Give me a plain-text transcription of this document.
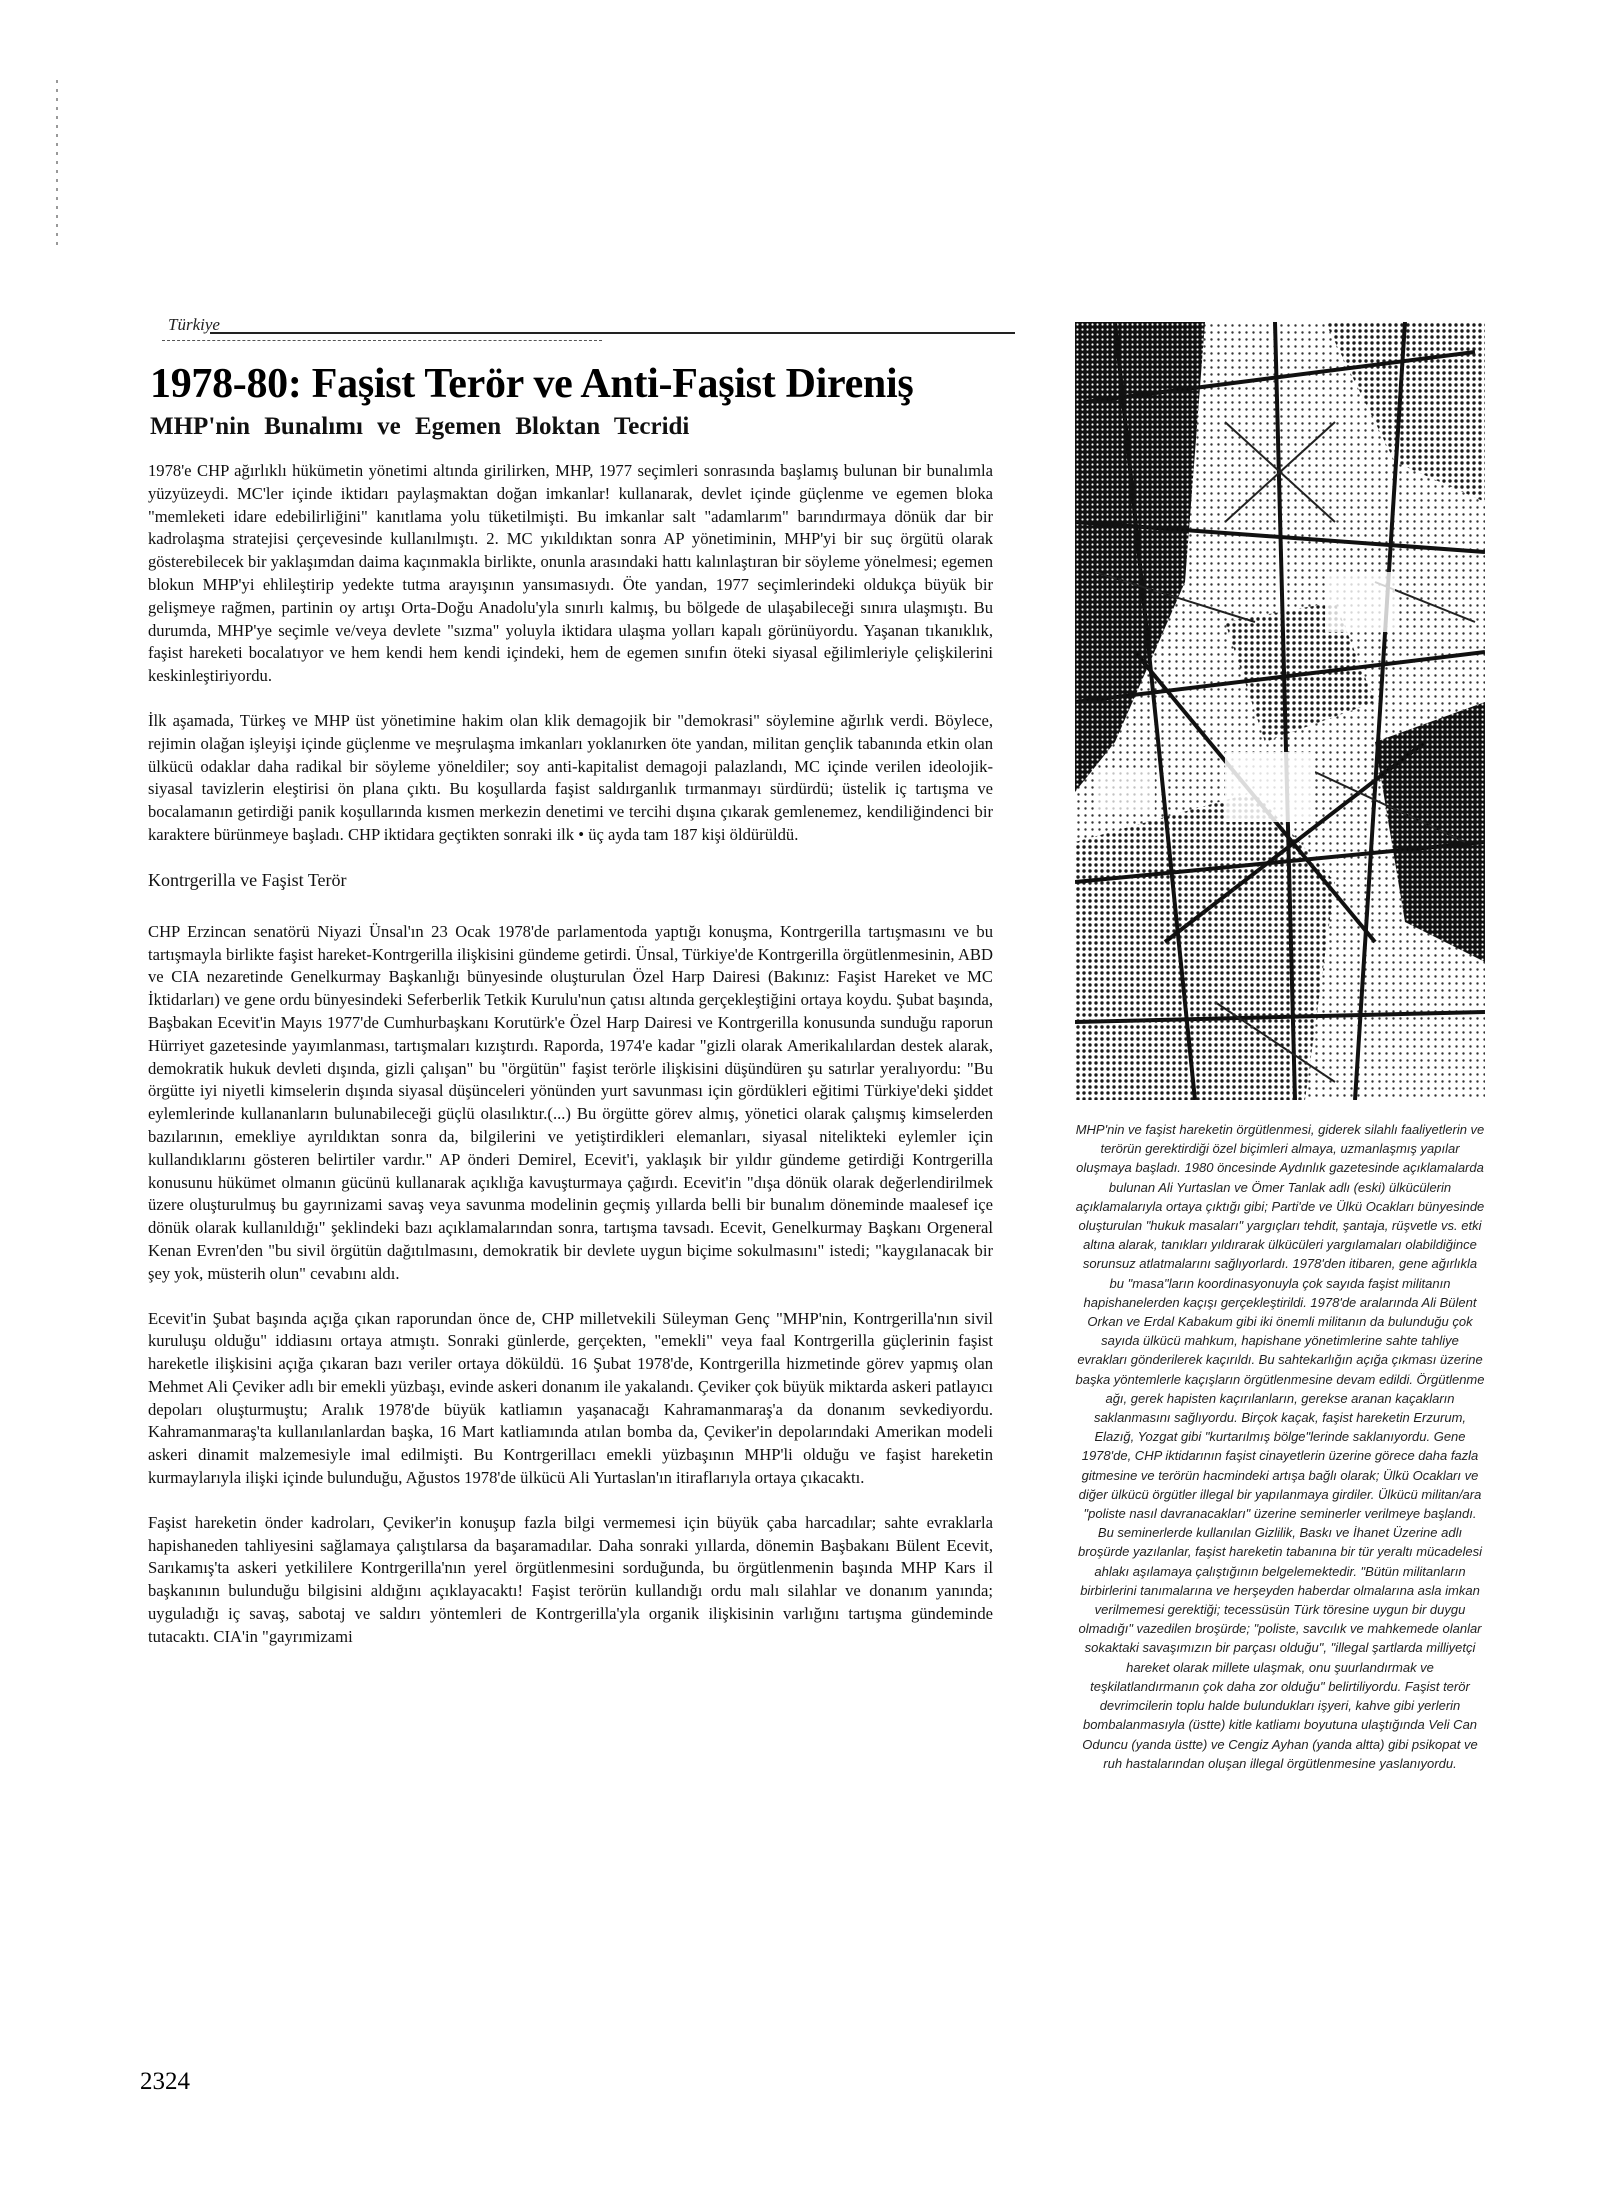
Türkiye
1978-80: Faşist Terör ve Anti-Faşist Direniş
MHP'nin Bunalımı ve Egemen Bloktan Tecridi

1978'e CHP ağırlıklı hükümetin yönetimi altında girilirken, MHP, 1977 seçimleri sonrasında başlamış bulunan bir bunalımla yüzyüzeydi. MC'ler içinde iktidarı paylaşmaktan doğan imkanlar! kullanarak, devlet içinde güçlenme ve egemen bloka "memleketi idare edebilirliğini" kanıtlama yolu tüketilmişti. Bu imkanlar salt "adamlarım" barındırmaya dönük dar bir kadrolaşma stratejisi çerçevesinde kullanılmıştı. 2. MC yıkıldıktan sonra AP yönetiminin, MHP'yi bir suç örgütü olarak gösterebilecek bir yaklaşımdan daima kaçınmakla birlikte, onunla arasındaki hattı kalınlaştıran bir söyleme yönelmesi; egemen blokun MHP'yi ehlileştirip yedekte tutma arayışının yansımasıydı. Öte yandan, 1977 seçimlerindeki oldukça büyük bir gelişmeye rağmen, partinin oy artışı Orta-Doğu Anadolu'yla sınırlı kalmış, bu bölgede de ulaşabileceği sınıra ulaşmıştı. Bu durumda, MHP'ye seçimle ve/veya devlete "sızma" yoluyla iktidara ulaşma yolları kapalı görünüyordu. Yaşanan tıkanıklık, faşist hareketi bocalatıyor ve hem kendi hem kendi içindeki, hem de egemen sınıfın öteki siyasal eğilimleriyle çelişkilerini keskinleştiriyordu.

İlk aşamada, Türkeş ve MHP üst yönetimine hakim olan klik demagojik bir "demokrasi" söylemine ağırlık verdi. Böylece, rejimin olağan işleyişi içinde güçlenme ve meşrulaşma imkanları yoklanırken öte yandan, militan gençlik tabanında etkin olan ülkücü odaklar daha radikal bir söyleme yöneldiler; soy anti-kapitalist demagoji palazlandı, MC içinde verilen ideolojik-siyasal tavizlerin eleştirisi ön plana çıktı. Bu koşullarda faşist saldırganlık tırmanmayı sürdürdü; üstelik iç tartışma ve bocalamanın getirdiği panik koşullarında kısmen merkezin denetimi ve tercihi dışına çıkarak gemlenemez, kendiliğindenci bir karaktere bürünmeye başladı. CHP iktidara geçtikten sonraki ilk • üç ayda tam 187 kişi öldürüldü.

Kontrgerilla ve Faşist Terör

CHP Erzincan senatörü Niyazi Ünsal'ın 23 Ocak 1978'de parlamentoda yaptığı konuşma, Kontrgerilla tartışmasını ve bu tartışmayla birlikte faşist hareket-Kontrgerilla ilişkisini gündeme getirdi. Ünsal, Türkiye'de Kontrgerilla örgütlenmesinin, ABD ve CIA nezaretinde Genelkurmay Başkanlığı bünyesinde oluşturulan Özel Harp Dairesi (Bakınız: Faşist Hareket ve MC İktidarları) ve gene ordu bünyesindeki Seferberlik Tetkik Kurulu'nun çatısı altında gerçekleştiğini ortaya koydu. Şubat başında, Başbakan Ecevit'in Mayıs 1977'de Cumhurbaşkanı Korutürk'e Özel Harp Dairesi ve Kontrgerilla konusunda sunduğu raporun Hürriyet gazetesinde yayımlanması, tartışmaları kızıştırdı. Raporda, 1974'e kadar "gizli olarak Amerikalılardan destek alarak, demokratik hukuk devleti dışında, gizli çalışan" bu "örgütün" faşist terörle ilişkisini düşündüren şu satırlar yeralıyordu: "Bu örgütte iyi niyetli kimselerin dışında siyasal düşünceleri yönünden yurt savunması için gördükleri eğitimi Türkiye'deki şiddet eylemlerinde kullananların bulunabileceği güçlü olasılıktır.(...) Bu örgütte görev almış, yönetici olarak çalışmış kimselerden bazılarının, emekliye ayrıldıktan sonra da, bilgilerini ve yetiştirdikleri elemanları, siyasal nitelikteki eylemler için kullandıklarını gösteren belirtiler vardır." AP önderi Demirel, Ecevit'i, yaklaşık bir yıldır gündeme getirdiği Kontrgerilla konusunu hükümet olmanın gücünü kullanarak açıklığa kavuşturmaya çağırdı. Ecevit'in "dışa dönük olarak değerlendirilmek üzere oluşturulmuş bu gayrınizami savaş veya savunma modelinin geçmiş yıllarda belli bir bunalım döneminde maalesef içe dönük olarak kullanıldığı" şeklindeki bazı açıklamalarından sonra, tartışma tavsadı. Ecevit, Genelkurmay Başkanı Orgeneral Kenan Evren'den "bu sivil örgütün dağıtılmasını, demokratik bir devlete uygun biçime sokulmasını" istedi; "kaygılanacak bir şey yok, müsterih olun" cevabını aldı.

Ecevit'in Şubat başında açığa çıkan raporundan önce de, CHP milletvekili Süleyman Genç "MHP'nin, Kontrgerilla'nın sivil kuruluşu olduğu" iddiasını ortaya atmıştı. Sonraki günlerde, gerçekten, "emekli" veya faal Kontrgerilla güçlerinin faşist hareketle ilişkisini açığa çıkaran bazı veriler ortaya döküldü. 16 Şubat 1978'de, Kontrgerilla hizmetinde görev yapmış olan Mehmet Ali Çeviker adlı bir emekli yüzbaşı, evinde askeri donanım ile yakalandı. Çeviker çok büyük miktarda askeri patlayıcı depoları oluşturmuştu; Aralık 1978'de büyük katliamın yaşanacağı Kahramanmaraş'a da donanım sevkediyordu. Kahramanmaraş'ta kullanılanlardan başka, 16 Mart katliamında atılan bomba da, Çeviker'in depolarındaki Amerikan modeli askeri dinamit malzemesiyle imal edilmişti. Bu Kontrgerillacı emekli yüzbaşının MHP'li olduğu ve faşist hareketin kurmaylarıyla ilişki içinde bulunduğu, Ağustos 1978'de ülkücü Ali Yurtaslan'ın itiraflarıyla ortaya çıkacaktı.

Faşist hareketin önder kadroları, Çeviker'in konuşup fazla bilgi vermemesi için büyük çaba harcadılar; sahte evraklarla hapishaneden tahliyesini sağlamaya çalıştılarsa da başaramadılar. Daha sonraki yıllarda, dönemin Başbakanı Bülent Ecevit, Sarıkamış'ta askeri yetkililere Kontrgerilla'nın yerel örgütlenmesini sorduğunda, bu örgütlenmenin başında MHP Kars il başkanının bulunduğu bilgisini aldığını açıklayacaktı! Faşist terörün kullandığı ordu malı silahlar ve donanım yanında; uyguladığı iç savaş, sabotaj ve saldırı yöntemleri de Kontrgerilla'yla organik ilişkisinin varlığını tartışma gündeminde tutacaktı. CIA'in "gayrımizami

MHP'nin ve faşist hareketin örgütlenmesi, giderek silahlı faaliyetlerin ve terörün gerektirdiği özel biçimleri almaya, uzmanlaşmış yapılar oluşmaya başladı. 1980 öncesinde Aydınlık gazetesinde açıklamalarda bulunan Ali Yurtaslan ve Ömer Tanlak adlı (eski) ülkücülerin açıklamalarıyla ortaya çıktığı gibi; Parti'de ve Ülkü Ocakları bünyesinde oluşturulan "hukuk masaları" yargıçları tehdit, şantaja, rüşvetle vs. etki altına alarak, tanıkları yıldırarak ülkücüleri yargılamaları olabildiğince sorunsuz atlatmalarını sağlıyorlardı. 1978'den itibaren, gene ağırlıkla bu "masa"ların koordinasyonuyla çok sayıda faşist militanın hapishanelerden kaçışı gerçekleştirildi. 1978'de aralarında Ali Bülent Orkan ve Erdal Kabakum gibi iki önemli militanın da bulunduğu çok sayıda ülkücü mahkum, hapishane yönetimlerine sahte tahliye evrakları gönderilerek kaçırıldı. Bu sahtekarlığın açığa çıkması üzerine başka yöntemlerle kaçışların örgütlenmesine devam edildi. Örgütlenme ağı, gerek hapisten kaçırılanların, gerekse aranan kaçakların saklanmasını sağlıyordu. Birçok kaçak, faşist hareketin Erzurum, Elazığ, Yozgat gibi "kurtarılmış bölge"lerinde saklanıyordu. Gene 1978'de, CHP iktidarının faşist cinayetlerin üzerine görece daha fazla gitmesine ve terörün hacmindeki artışa bağlı olarak; Ülkü Ocakları ve diğer ülkücü örgütler illegal bir yapılanmaya girdiler. Ülkücü militan/ara "poliste nasıl davranacakları" üzerine seminerler verilmeye başlandı. Bu seminerlerde kullanılan Gizlilik, Baskı ve İhanet Üzerine adlı broşürde yazılanlar, faşist hareketin tabanına bir tür yeraltı mücadelesi ahlakı aşılamaya çalıştığının belgelemektedir. "Bütün militanların birbirlerini tanımalarına ve herşeyden haberdar olmalarına asla imkan verilmemesi gerektiği; tecessüsün Türk töresine uygun bir duygu olmadığı" vazedilen broşürde; "poliste, savcılık ve mahkemede olanlar sokaktaki savaşımızın bir parçası olduğu", "illegal şartlarda milliyetçi hareket olarak millete ulaşmak, onu şuurlandırmak ve teşkilatlandırmanın çok daha zor olduğu" belirtiliyordu. Faşist terör devrimcilerin toplu halde bulundukları işyeri, kahve gibi yerlerin bombalanmasıyla (üstte) kitle katliamı boyutuna ulaştığında Veli Can Oduncu (yanda üstte) ve Cengiz Ayhan (yanda altta) gibi psikopat ve ruh hastalarından oluşan illegal örgütlenmesine yaslanıyordu.
2324
